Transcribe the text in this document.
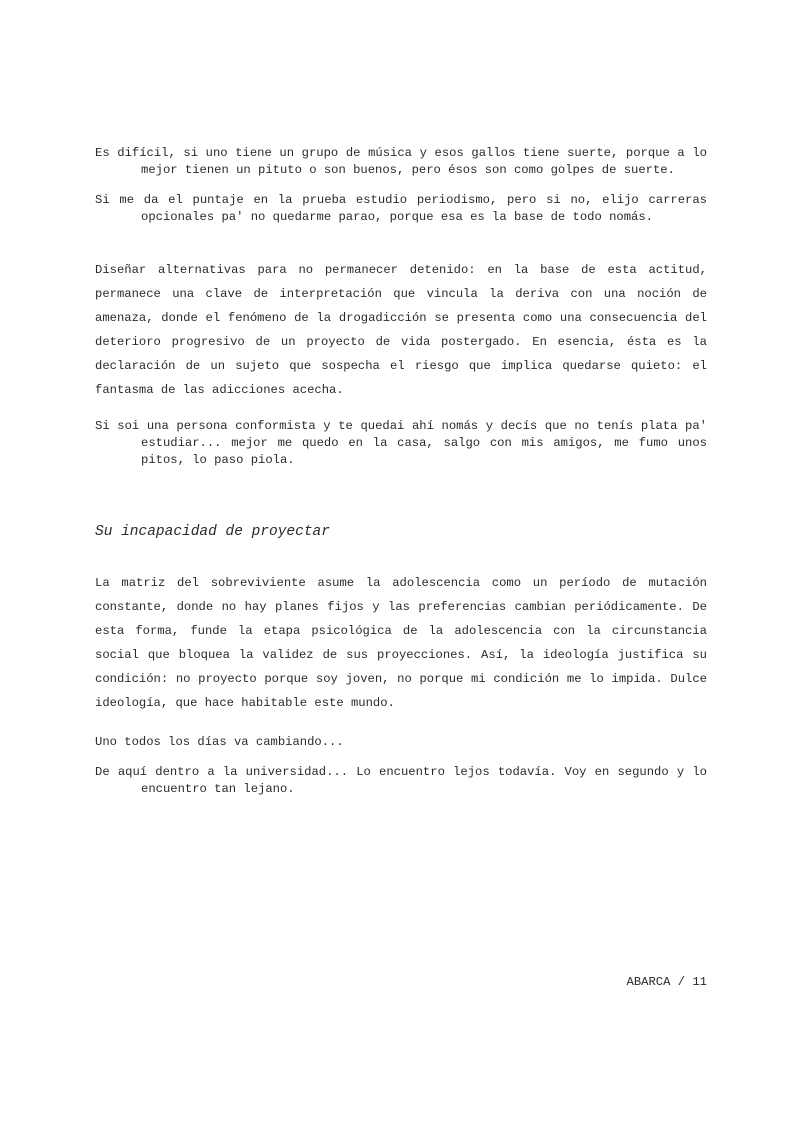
Es difícil, si uno tiene un grupo de música y esos gallos tiene suerte, porque a lo mejor tienen un pituto o son buenos, pero ésos son como golpes de suerte.

Si me da el puntaje en la prueba estudio periodismo, pero si no, elijo carreras opcionales pa' no quedarme parao, porque esa es la base de todo nomás.

Diseñar alternativas para no permanecer detenido: en la base de esta actitud, permanece una clave de interpretación que vincula la deriva con una noción de amenaza, donde el fenómeno de la drogadicción se presenta como una consecuencia del deterioro progresivo de un proyecto de vida postergado. En esencia, ésta es la declaración de un sujeto que sospecha el riesgo que implica quedarse quieto: el fantasma de las adicciones acecha.

Si soi una persona conformista y te quedai ahí nomás y decís que no tenís plata pa' estudiar... mejor me quedo en la casa, salgo con mis amigos, me fumo unos pitos, lo paso piola.

Su incapacidad de proyectar

La matriz del sobreviviente asume la adolescencia como un período de mutación constante, donde no hay planes fijos y las preferencias cambian periódicamente. De esta forma, funde la etapa psicológica de la adolescencia con la circunstancia social que bloquea la validez de sus proyecciones. Así, la ideología justifica su condición: no proyecto porque soy joven, no porque mi condición me lo impida. Dulce ideología, que hace habitable este mundo.

Uno todos los días va cambiando...

De aquí dentro a la universidad... Lo encuentro lejos todavía. Voy en segundo y lo encuentro tan lejano.

ABARCA / 11
